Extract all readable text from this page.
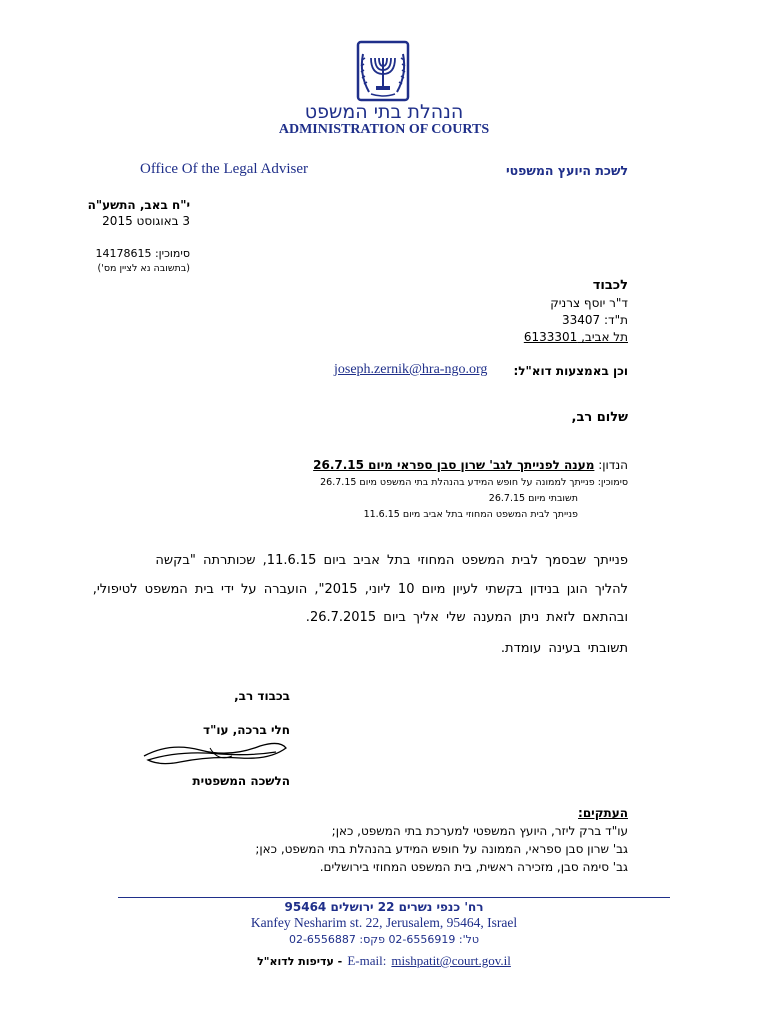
הנהלת בתי המשפט
ADMINISTRATION OF COURTS
Office Of the Legal Adviser	לשכת היועץ המשפטי
י"ח באב, התשע"ה
3 באוגוסט 2015
סימוכין: 14178615
(בתשובה נא לציין מס')
לכבוד
ד"ר יוסף צרניק
ת"ד: 33407
תל אביב, 6133301
וכן באמצעות דוא"ל:
joseph.zernik@hra-ngo.org
שלום רב,
הנדון: מענה לפנייתך לגב' שרון סבן ספראי מיום 26.7.15
סימוכין: פנייתך לממונה על חופש המידע בהנהלת בתי המשפט מיום 26.7.15
תשובתי מיום 26.7.15
פנייתך לבית המשפט המחוזי בתל אביב מיום 11.6.15
פנייתך שבסמך לבית המשפט המחוזי בתל אביב ביום 11.6.15, שכותרתה "בקשה
להליך הוגן בנידון בקשתי לעיון מיום 10 ליוני, 2015", הועברה על ידי בית המשפט לטיפולי,
ובהתאם לזאת ניתן המענה שלי אליך ביום 26.7.2015.
תשובתי בעינה עומדת.
בכבוד רב,
חלי ברכה, עו"ד
הלשכה המשפטית
העתקים:
עו"ד ברק ליזר, היועץ המשפטי למערכת בתי המשפט, כאן;
גב' שרון סבן ספראי, הממונה על חופש המידע בהנהלת בתי המשפט, כאן;
גב' סימה סבן, מזכירה ראשית, בית המשפט המחוזי בירושלים.
רח' כנפי נשרים 22 ירושלים 95464
Kanfey Nesharim st. 22, Jerusalem, 95464, Israel
טל': 02-6556919 פקס: 02-6556887
עדיפות לדוא"ל - E-mail: mishpatit@court.gov.il
